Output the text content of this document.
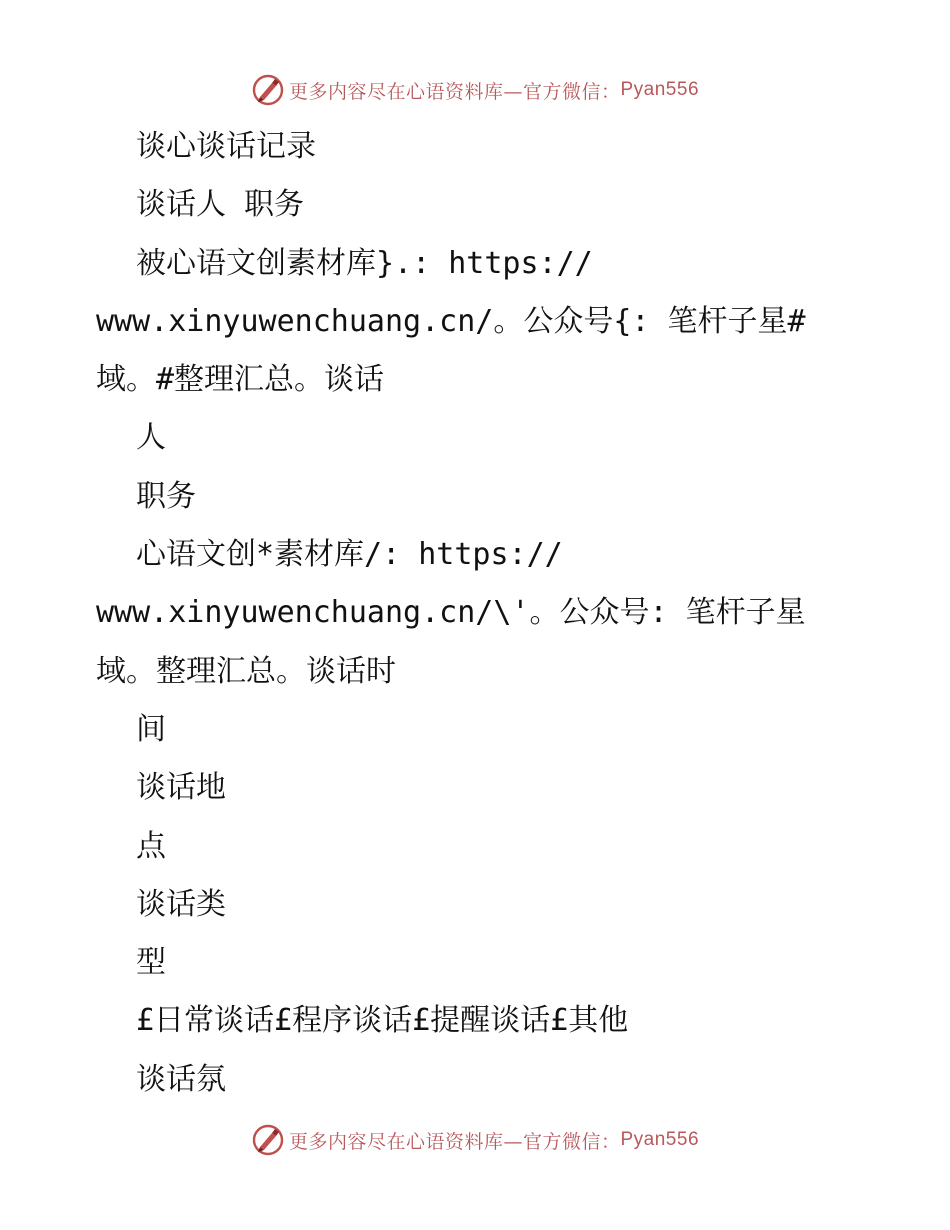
更多内容尽在心语资料库—官方微信： Pyan556
谈心谈话记录
谈话人 职务
被心语文创素材库}.: https://
www.xinyuwenchuang.cn/。公众号{: 笔杆子星#
域。#整理汇总。谈话
人
职务
心语文创*素材库/: https://
www.xinyuwenchuang.cn/\'。公众号: 笔杆子星
域。整理汇总。谈话时
间
谈话地
点
谈话类
型
£日常谈话£程序谈话£提醒谈话£其他
谈话氛
更多内容尽在心语资料库—官方微信： Pyan556
